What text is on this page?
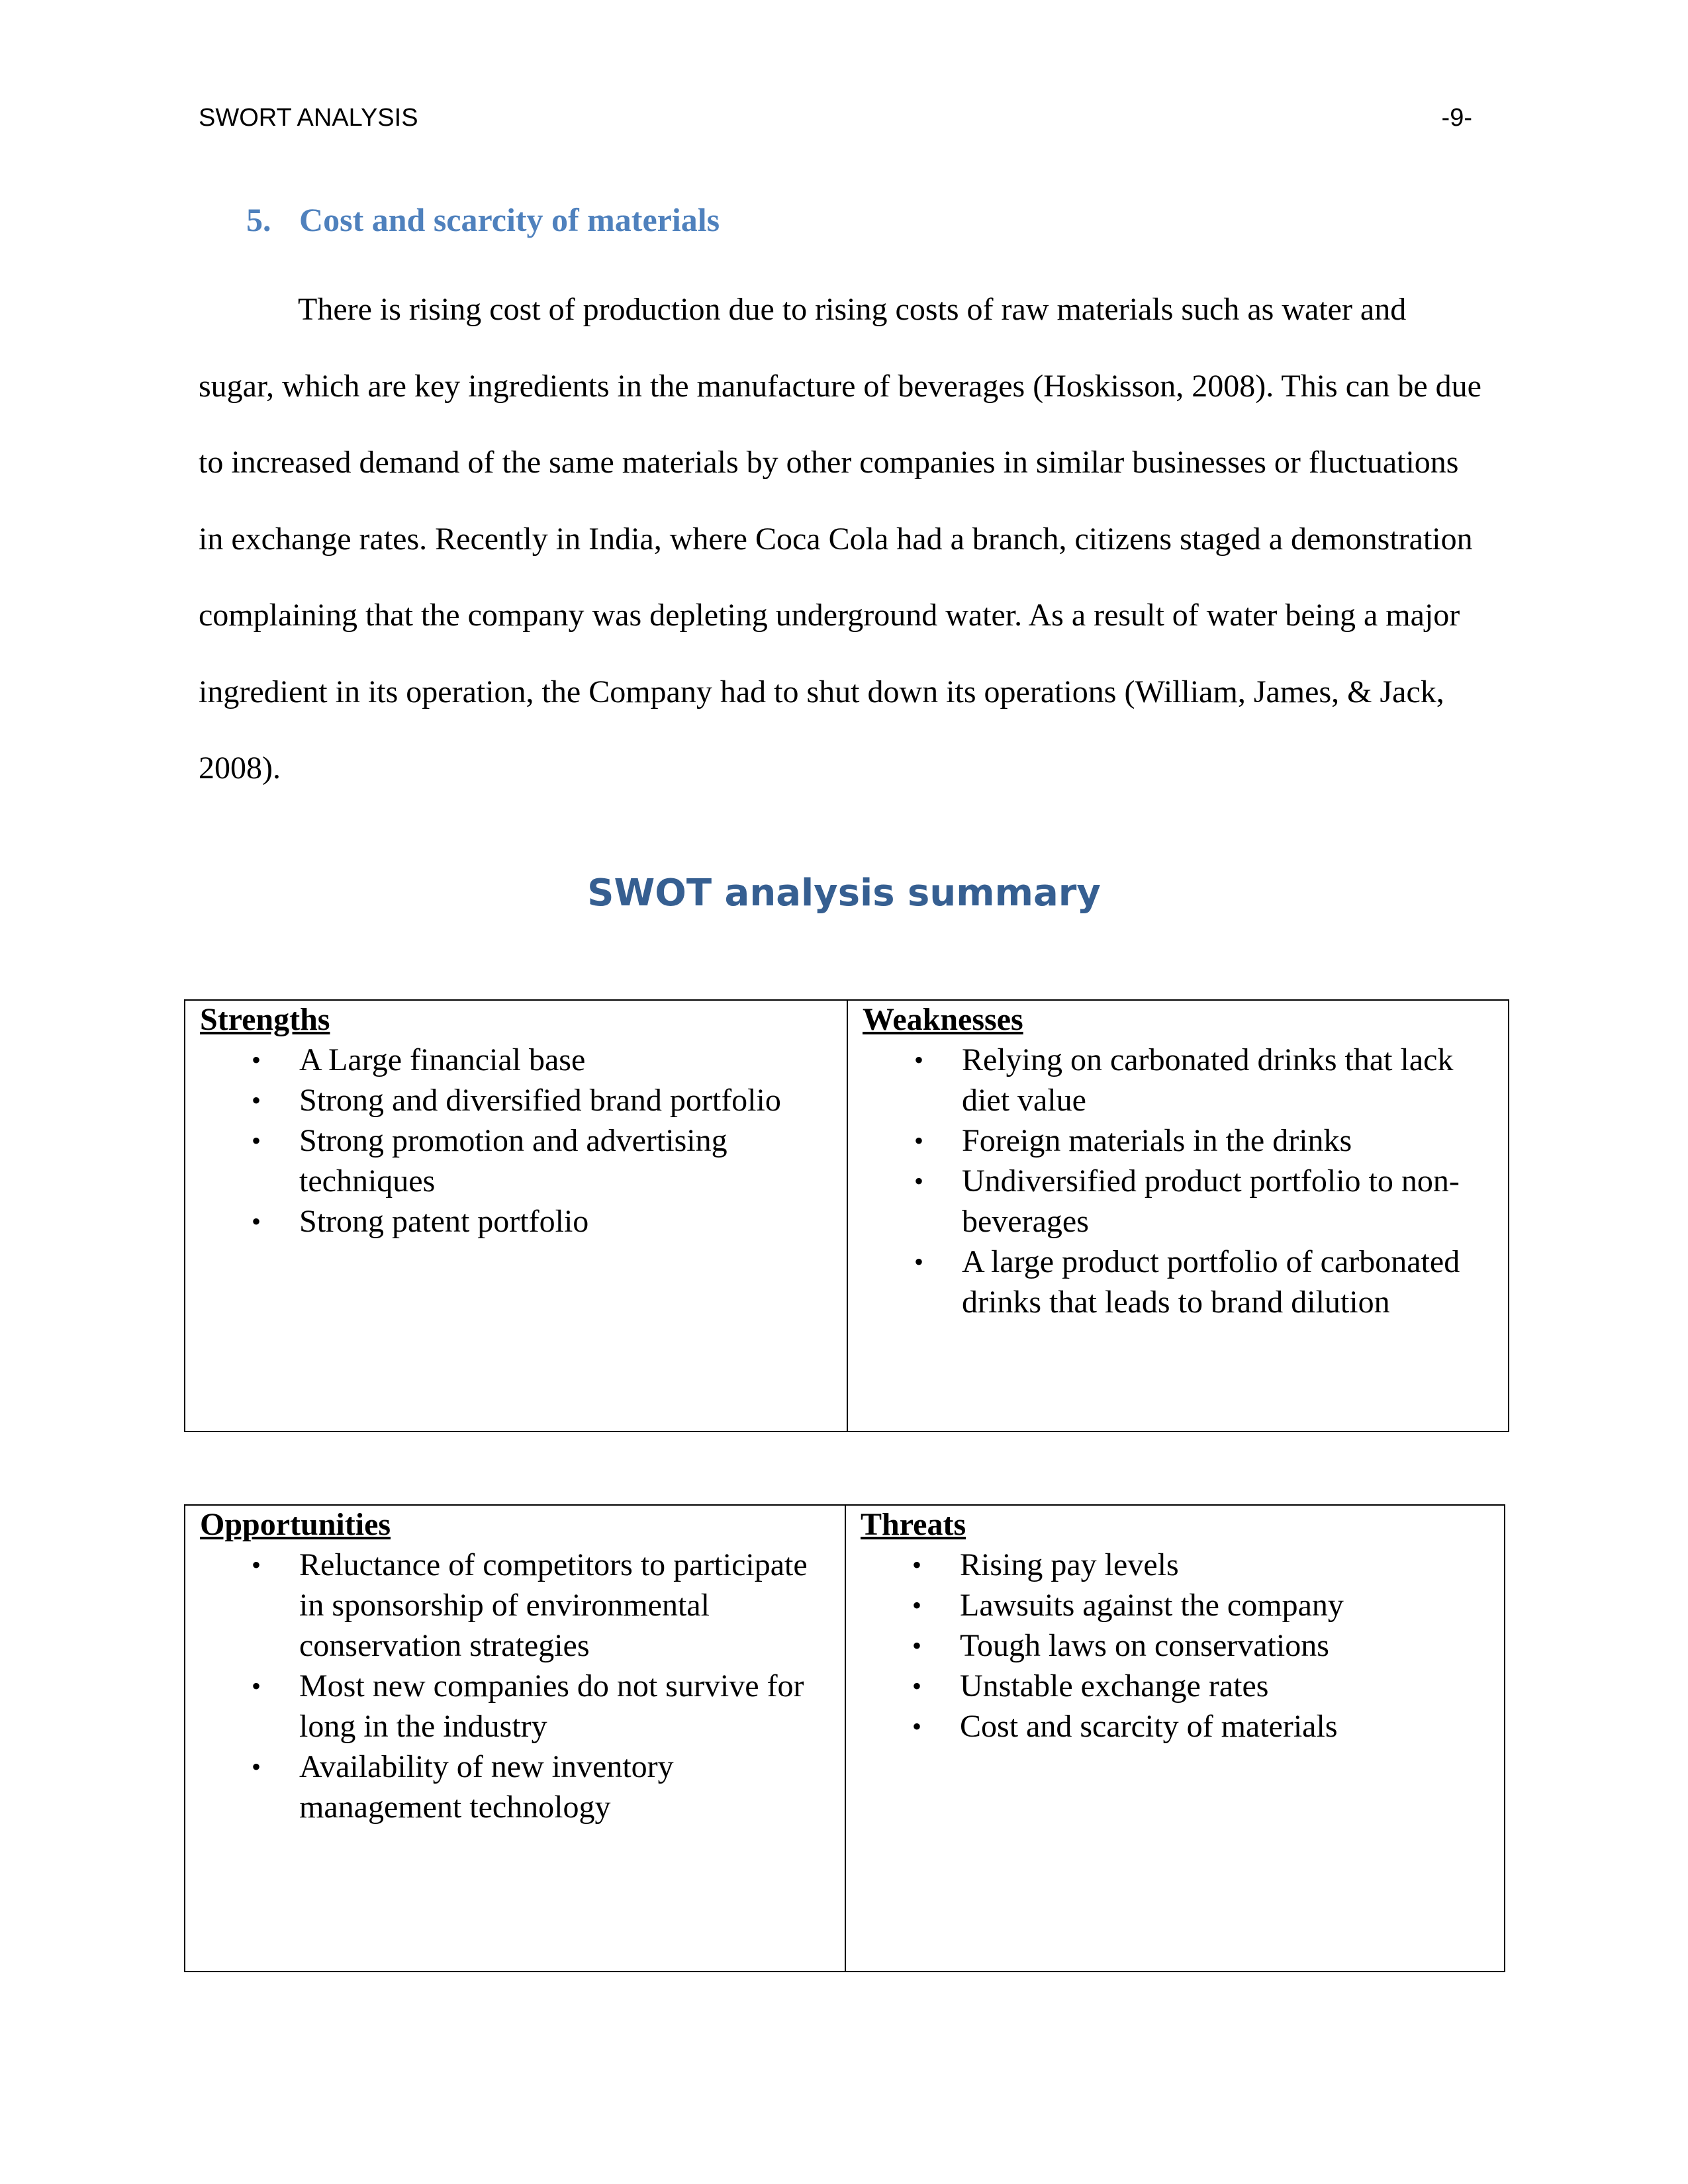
SWORT ANALYSIS	-9-
5. Cost and scarcity of materials

There is rising cost of production due to rising costs of raw materials such as water and sugar, which are key ingredients in the manufacture of beverages (Hoskisson, 2008). This can be due to increased demand of the same materials by other companies in similar businesses or fluctuations in exchange rates. Recently in India, where Coca Cola had a branch, citizens staged a demonstration complaining that the company was depleting underground water. As a result of water being a major ingredient in its operation, the Company had to shut down its operations (William, James, & Jack, 2008).

SWOT analysis summary
Strengths
• A Large financial base
• Strong and diversified brand portfolio
• Strong promotion and advertising techniques
• Strong patent portfolio

Weaknesses
• Relying on carbonated drinks that lack diet value
• Foreign materials in the drinks
• Undiversified product portfolio to non-beverages
• A large product portfolio of carbonated drinks that leads to brand dilution
Opportunities
• Reluctance of competitors to participate in sponsorship of environmental conservation strategies
• Most new companies do not survive for long in the industry
• Availability of new inventory management technology

Threats
• Rising pay levels
• Lawsuits against the company
• Tough laws on conservations
• Unstable exchange rates
• Cost and scarcity of materials
